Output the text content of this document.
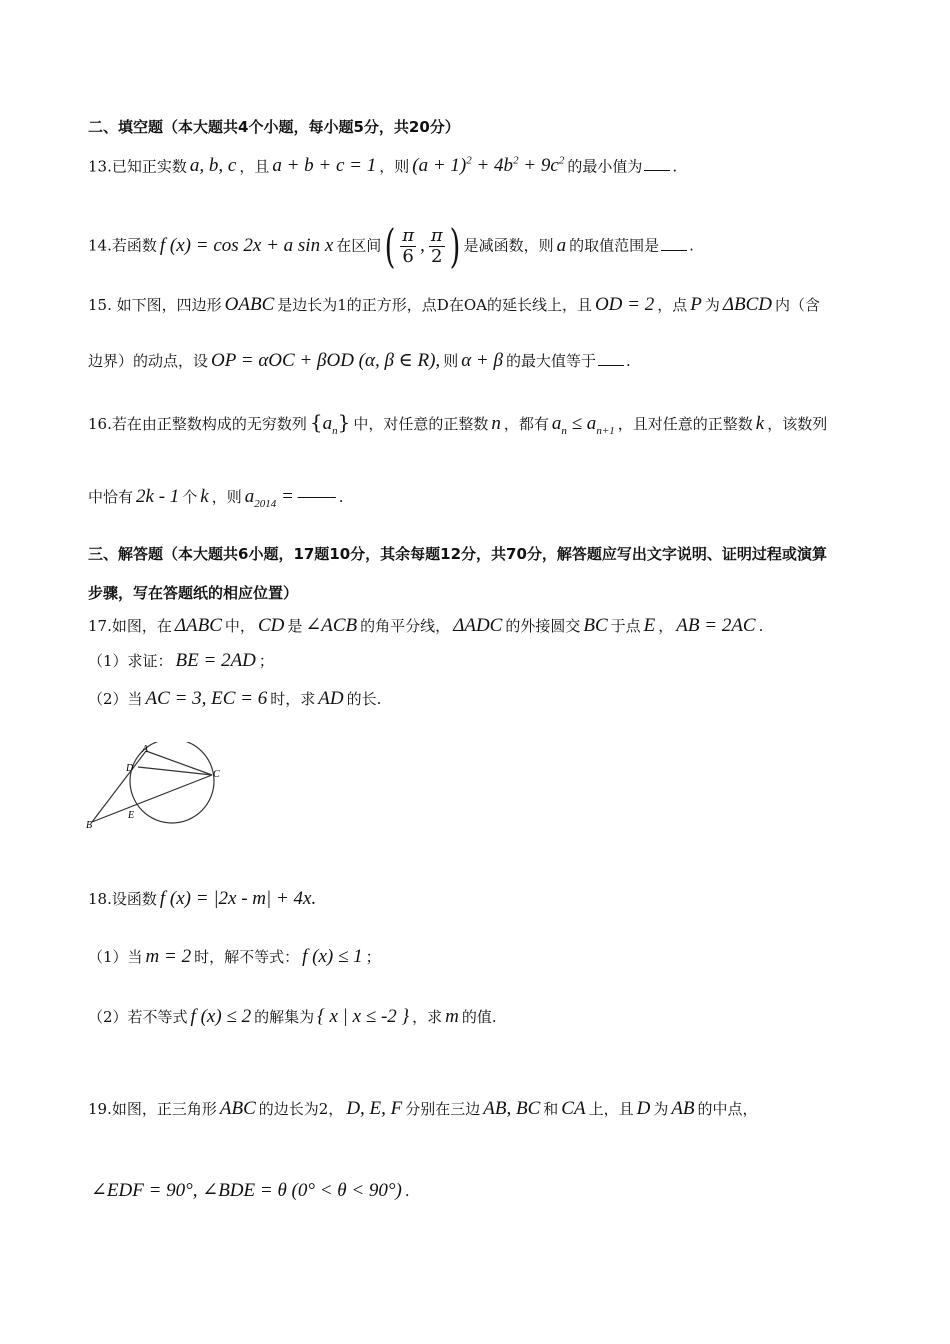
二、填空题（本大题共4个小题，每小题5分，共20分）
13.已知正实数 a, b, c ，且 a + b + c = 1 ，则 $(a + 1)^2 + 4b^2 + 9c^2$ 的最小值为 .
14.若函数 f (x) = cos 2x + a sin x 在区间( $\frac{\pi}{6}$ , $\frac{\pi}{2}$ ) 是减函数，则 a 的取值范围是 .
15. 如下图，四边形 OABC 是边长为1的正方形，点D在OA的延长线上，且 OD = 2 ，点 P 为 ΔBCD 内（含
边界）的动点，设 OP = αOC + βOD (α, β ∈ R), 则 α + β 的最大值等于 .
16.若在由正整数构成的无穷数列 $\{a_n\}$ 中，对任意的正整数 n ，都有 $a_n \le a_{n+1}$ ，且对任意的正整数 k ，该数列
中恰有 2k - 1 个 k ，则 $a_{2014}$ = —— .
三、解答题（本大题共6小题，17题10分，其余每题12分，共70分，解答题应写出文字说明、证明过程或演算
步骤，写在答题纸的相应位置）
17.如图，在 ΔABC 中， CD 是 ∠ACB 的角平分线， ΔADC 的外接圆交 BC 于点 E ， AB = 2AC .
（1）求证： BE = 2AD ；
（2）当 AC = 3, EC = 6 时，求 AD 的长.
A
D
C
B
E
18.设函数 f (x) = |2x - m| + 4x.
（1）当 m = 2 时，解不等式： f (x) ≤ 1 ；
（2）若不等式 f (x) ≤ 2 的解集为 { x | x ≤ -2 } ，求 m 的值.
19.如图，正三角形 ABC 的边长为2， D, E, F 分别在三边 AB, BC 和 CA 上，且 D 为 AB 的中点，
∠EDF = 90°, ∠BDE = θ (0° < θ < 90°) .
